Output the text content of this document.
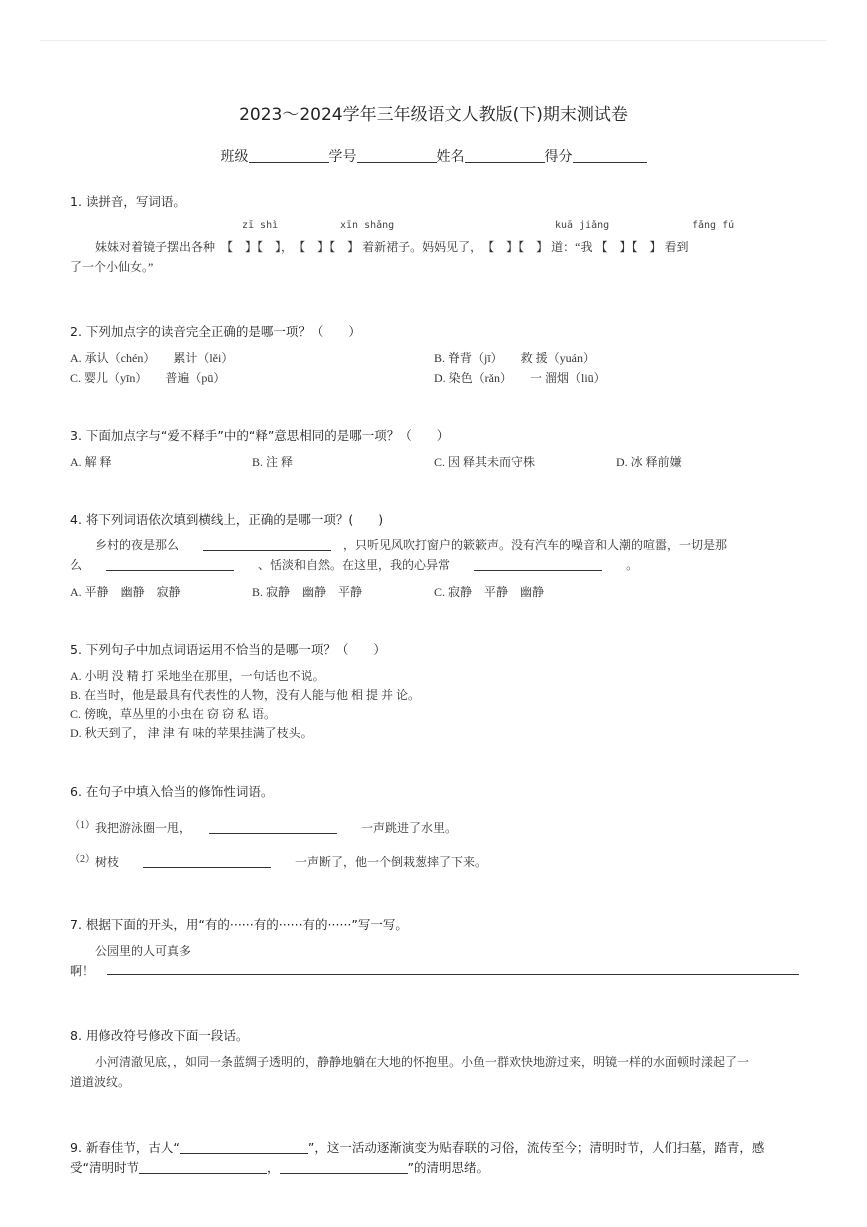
2023～2024学年三年级语文人教版(下)期末测试卷
班级	学号	姓名	得分
1. 读拼音，写词语。
zī shì	xīn shǎng	kuā jiǎng	fǎng fú
妹妹对着镜子摆出各种　 【　】【　】，　 【　】【　】 着新裙子。妈妈见了，　 【　】【　】 道：“我 【　】【　】 看到
了一个小仙女。”
2. 下列加点字的读音完全正确的是哪一项？（　　）
A. 承认（chén）　　累计（lěi）	B. 脊背（jī）　　救 援（yuán）
C. 婴儿（yīn）　　普遍（pū）	D. 染色（rǎn）　　一 溜烟（liū）
3. 下面加点字与“爱不释手”中的“释”意思相同的是哪一项？（　　）
A. 解 释	B. 注 释	C. 因 释其未而守株	D. 冰 释前嫌
4. 将下列词语依次填到横线上，正确的是哪一项？(　　)
乡村的夜是那么　　　	，只听见风吹打窗户的簌簌声。没有汽车的噪音和人潮的喧嚣，一切是那
么　　　　	、恬淡和自然。在这里，我的心异常　　　　	。
A. 平静　幽静　寂静	B. 寂静　幽静　平静	C. 寂静　平静　幽静
5. 下列句子中加点词语运用不恰当的是哪一项？（　　）
A. 小明 没 精 打 采地坐在那里，一句话也不说。
B. 在当时，他是最具有代表性的人物，没有人能与他 相 提 并 论。
C. 傍晚，草丛里的小虫在 窃 窃 私 语。
D. 秋天到了， 津 津 有 味的苹果挂满了枝头。
6. 在句子中填入恰当的修饰性词语。
$^{(1)}$我把游泳圈一甩，　　　　	一声跳进了水里。
$^{(2)}$树枝　　　　	一声断了，他一个倒栽葱摔了下来。
7. 根据下面的开头，用“有的······有的······有的······”写一写。
公园里的人可真多
啊！
8. 用修改符号修改下面一段话。
小河清澈见底，，如同一条蓝绸子透明的，静静地躺在大地的怀抱里。小鱼一群欢快地游过来，明镜一样的水面顿时漾起了一
道道波纹。
9. 新春佳节，古人“	”，这一活动逐渐演变为贴春联的习俗，流传至今；清明时节，人们扫墓，踏青，感
受“清明时节	，	”的清明思绪。
